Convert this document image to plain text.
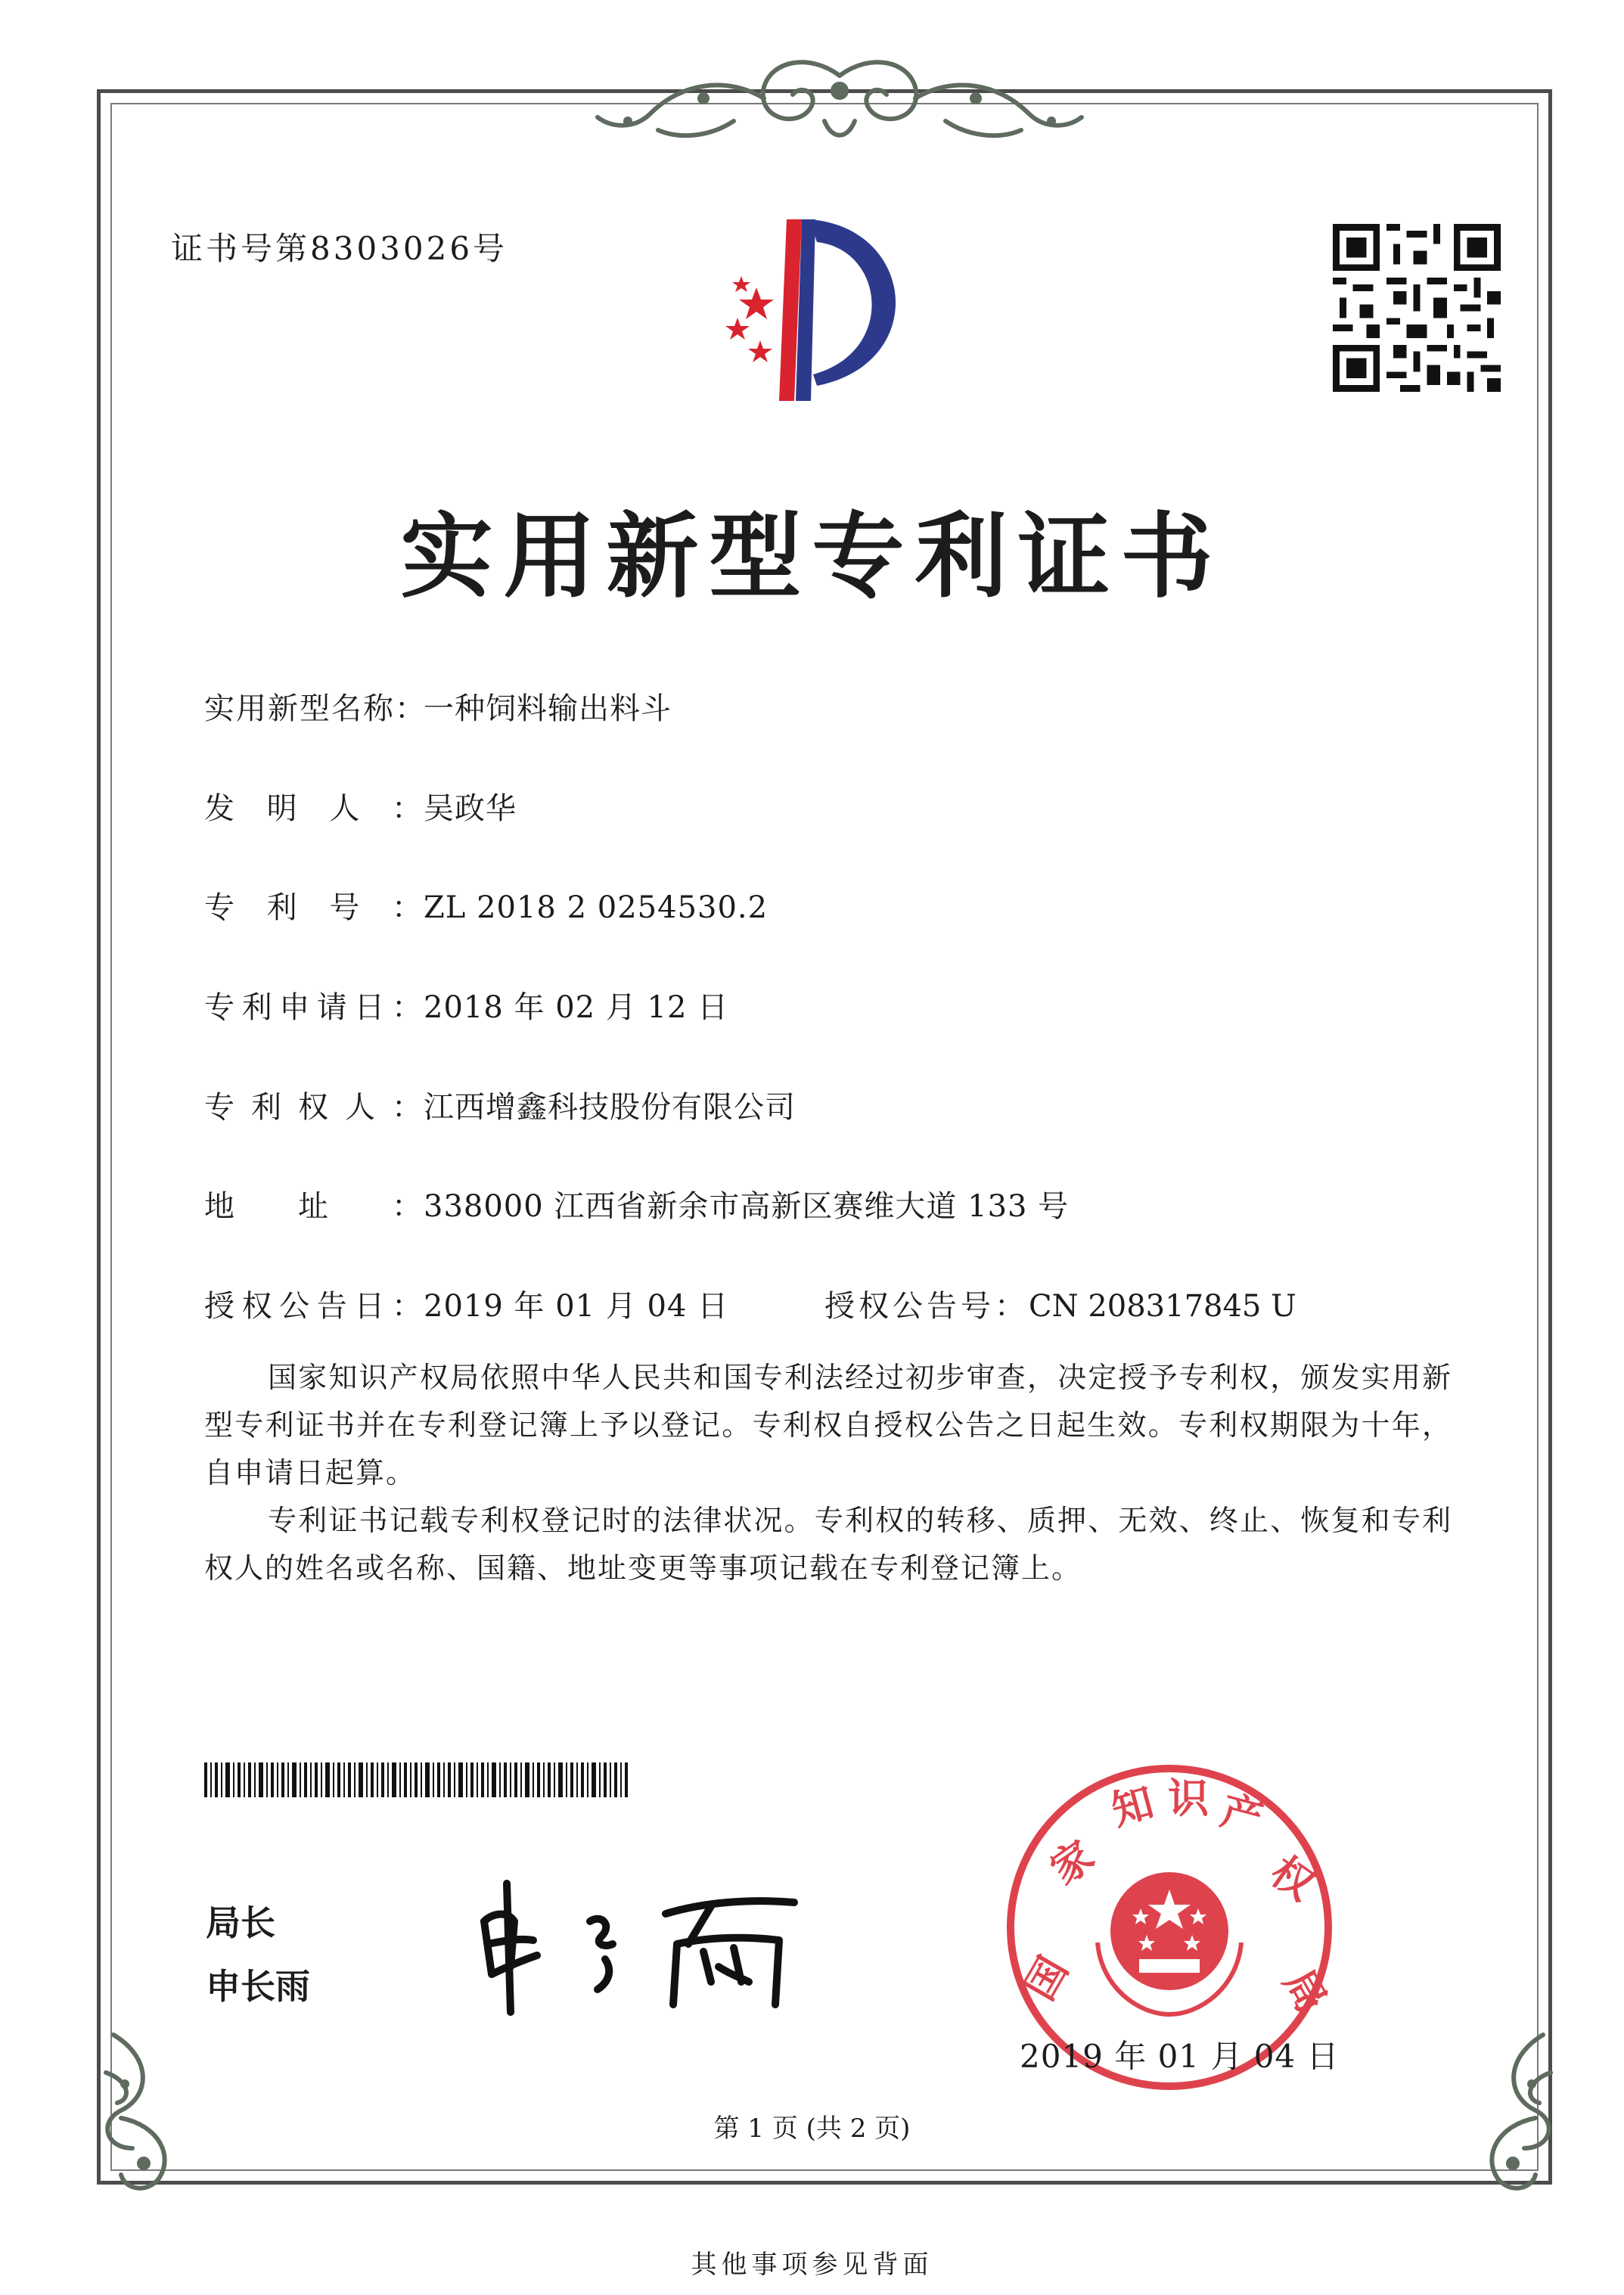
证书号第8303026号
实用新型专利证书
实用新型名称：
一种饲料输出料斗
发明人： 吴政华
专利号： ZL 2018 2 0254530.2
专利申请日： 2018 年 02 月 12 日
专利权人： 江西增鑫科技股份有限公司
地址： 338000 江西省新余市高新区赛维大道 133 号
授权公告日： 2019 年 01 月 04 日	授权公告号： CN 208317845 U

国家知识产权局依照中华人民共和国专利法经过初步审查，决定授予专利权，颁发实用新型专利证书并在专利登记簿上予以登记。专利权自授权公告之日起生效。专利权期限为十年，自申请日起算。

专利证书记载专利权登记时的法律状况。专利权的转移、质押、无效、终止、恢复和专利权人的姓名或名称、国籍、地址变更等事项记载在专利登记簿上。

局长
申长雨	国
家
知 识 产
权
局
2019 年 01 月 04 日
第 1 页 (共 2 页)
其他事项参见背面
